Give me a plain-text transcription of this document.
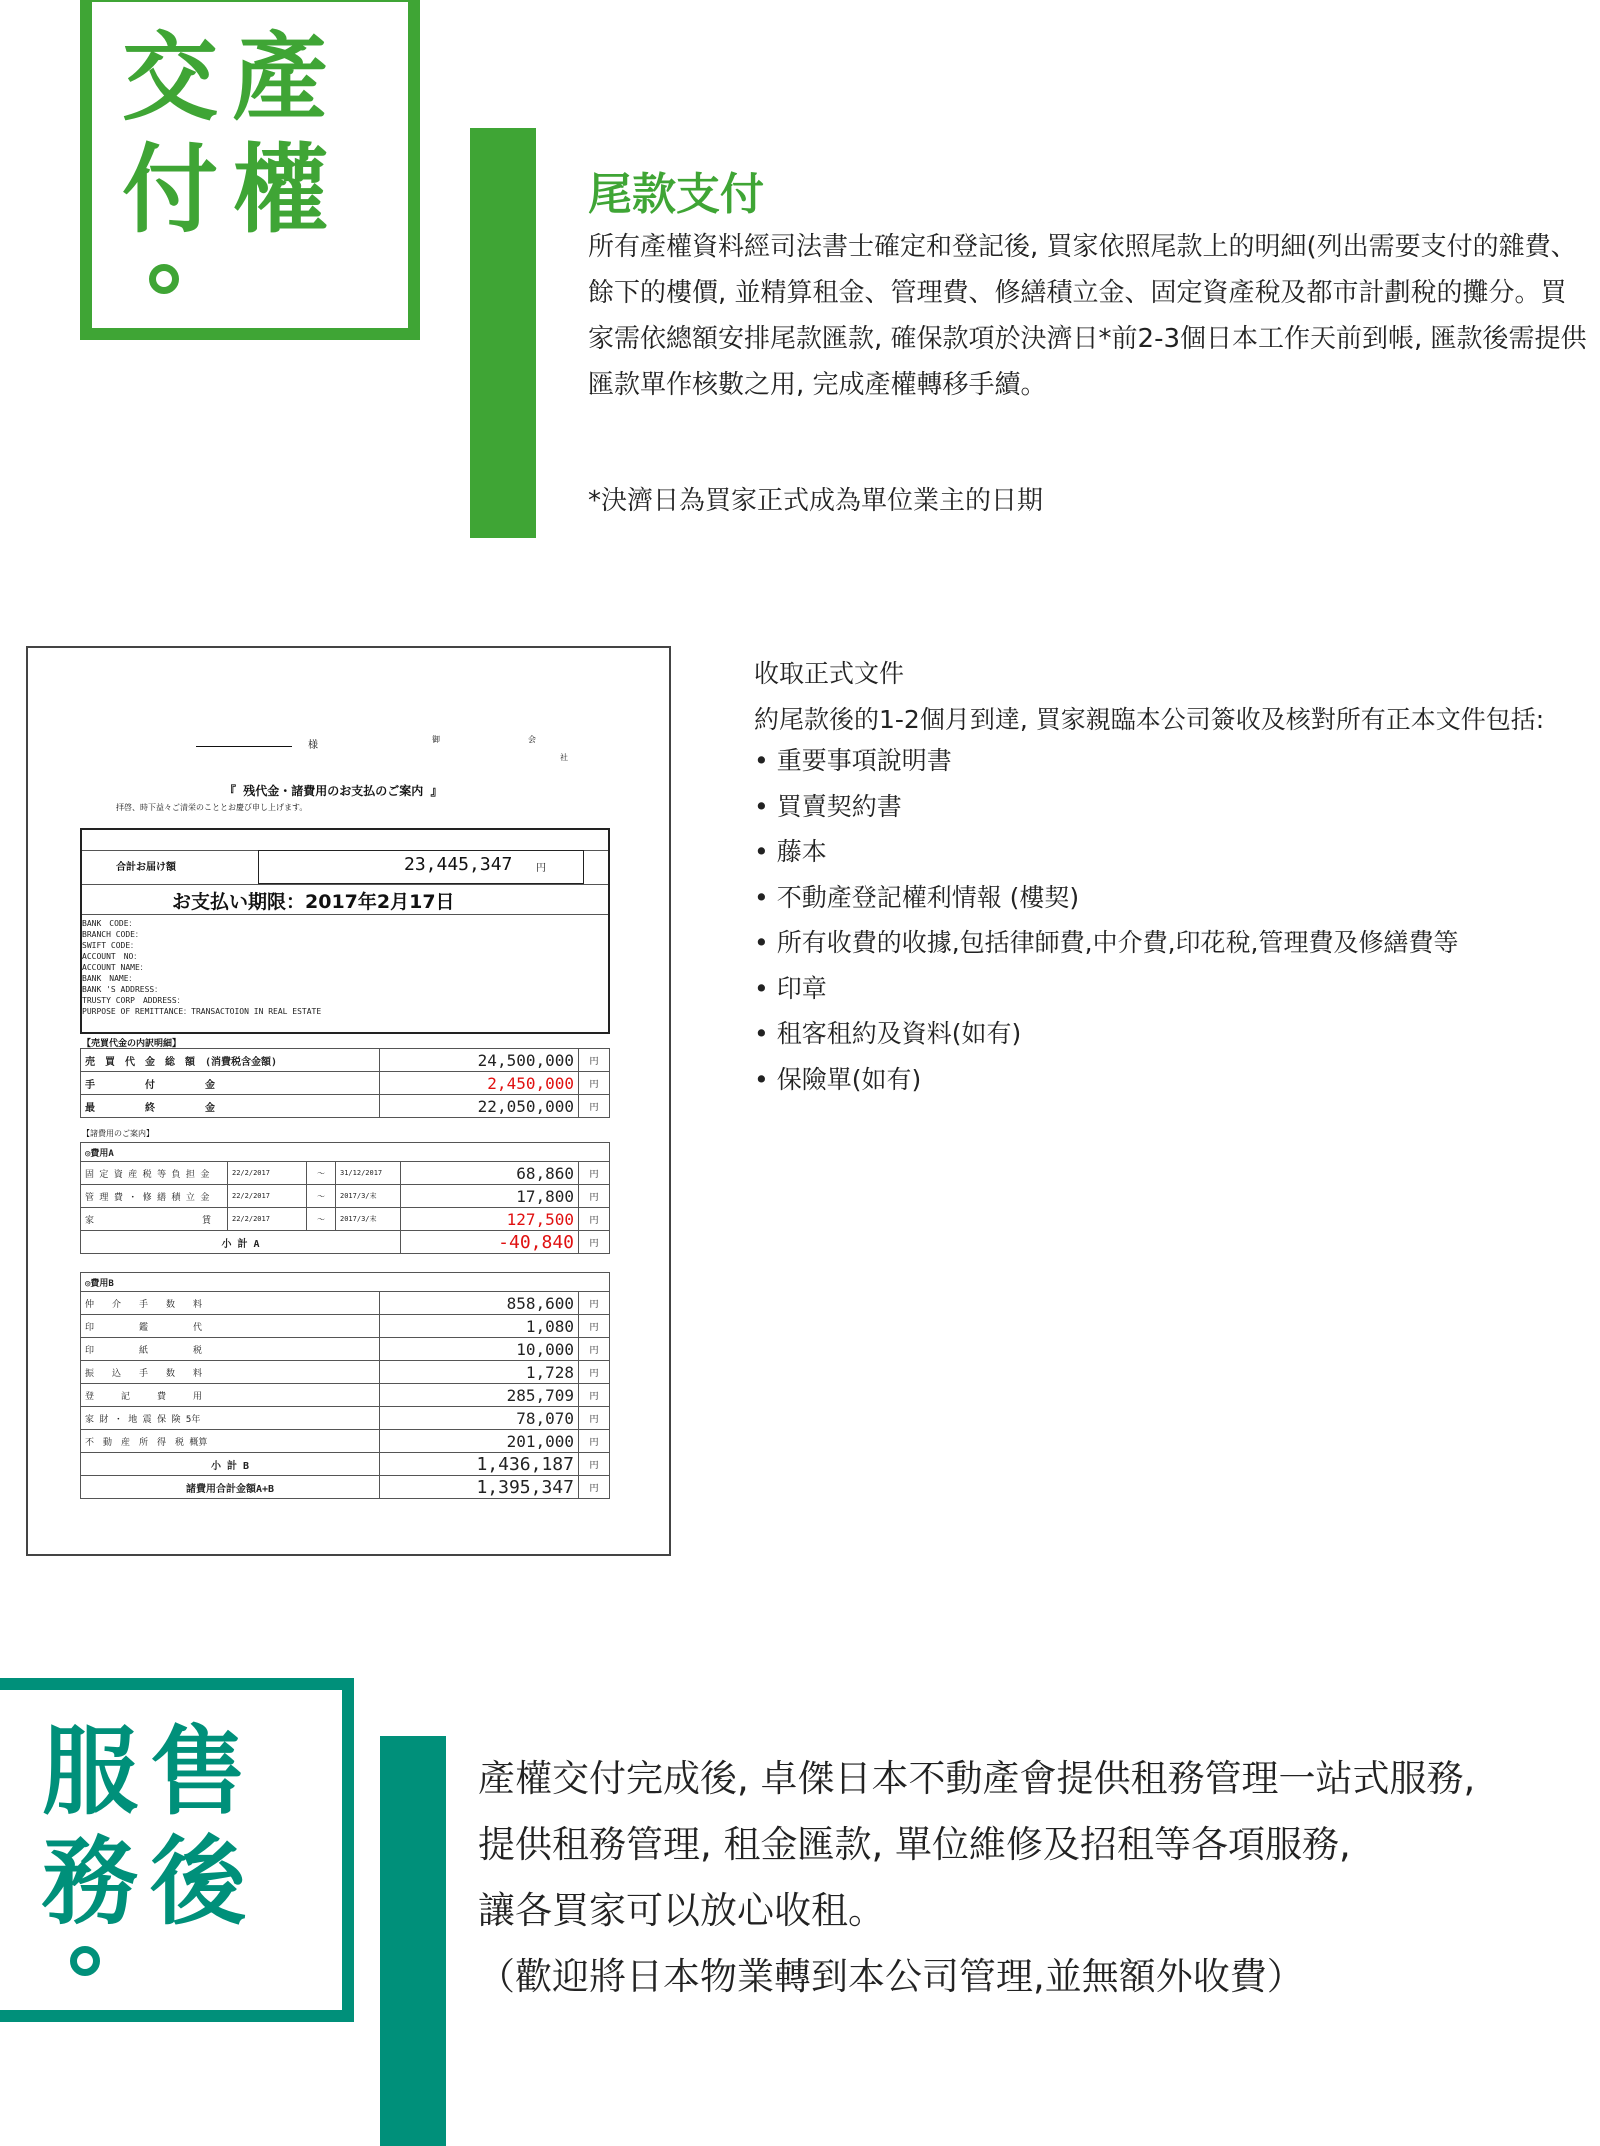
交 產
付 權	尾款支付
所有產權資料經司法書士確定和登記後, 買家依照尾款上的明細(列出需要支付的雜費、餘下的樓價, 並精算租金、管理費、修繕積立金、固定資產稅及都市計劃稅的攤分。買家需依總額安排尾款匯款, 確保款項於決濟日*前2-3個日本工作天前到帳, 匯款後需提供匯款單作核數之用, 完成產權轉移手續。
*決濟日為買家正式成為單位業主的日期
様
御　　　　　　　　　　　会
　　　　　　　　　　　　　　　　社
『 残代金・諸費用のお支払のご案内 』
拝啓、時下益々ご清栄のこととお慶び申し上げます。
合計お届け額	23,445,347 円
お支払い期限：2017年2月17日
BANK　CODE：
BRANCH CODE：
SWIFT CODE：
ACCOUNT　NO：
ACCOUNT NAME：
BANK　NAME：
BANK 'S ADDRESS：
TRUSTY CORP　ADDRESS：
PURPOSE OF REMITTANCE：TRANSACTOION IN REAL ESTATE
【売買代金の内訳明細】
売　買　代　金　総　額　(消費税含金額)	24,500,000	円
手　　　　　付　　　　　金	2,450,000	円
最　　　　　終　　　　　金	22,050,000	円
【諸費用のご案内】
◎費用A					
固 定 資 産 税 等 負 担 金	22/2/2017	～	31/12/2017	68,860	円
管 理 費 ・ 修 繕 積 立 金	22/2/2017	～	2017/3/末	17,800	円
家　　　　　　　　　　　　賃	22/2/2017	～	2017/3/末	127,500	円
小 計 A				-40,840	円
◎費用B		
仲　　介　　手　　数　　料	858,600	円
印　　　　　鑑　　　　　代	1,080	円
印　　　　　紙　　　　　税	10,000	円
振　　込　　手　　数　　料	1,728	円
登　　　記　　　費　　　用	285,709	円
家 財 ・ 地 震 保 険 5年	78,070	円
不　動　産　所　得　税 概算	201,000	円
小 計 B	1,436,187	円
諸費用合計金額A+B	1,395,347	円
收取正式文件
約尾款後的1-2個月到達, 買家親臨本公司簽收及核對所有正本文件包括:
• 重要事項說明書
• 買賣契約書
• 藤本
• 不動產登記權利情報 (樓契)
• 所有收費的收據,包括律師費,中介費,印花稅,管理費及修繕費等
• 印章
• 租客租約及資料(如有)
• 保險單(如有)
服 售
務 後
產權交付完成後, 卓傑日本不動產會提供租務管理一站式服務,
提供租務管理, 租金匯款, 單位維修及招租等各項服務,
讓各買家可以放心收租。
（歡迎將日本物業轉到本公司管理,並無額外收費）
